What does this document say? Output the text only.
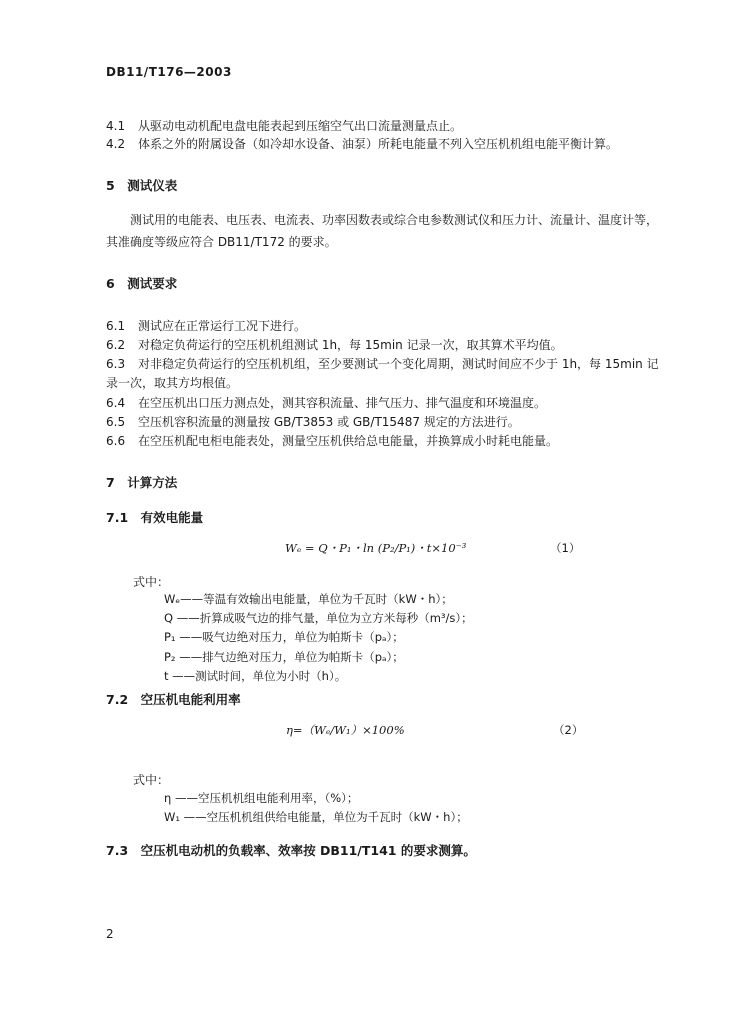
DB11/T176—2003
4.1 从驱动电动机配电盘电能表起到压缩空气出口流量测量点止。
4.2 体系之外的附属设备（如冷却水设备、油泵）所耗电能量不列入空压机机组电能平衡计算。
5　测试仪表
测试用的电能表、电压表、电流表、功率因数表或综合电参数测试仪和压力计、流量计、温度计等，
其准确度等级应符合 DB11/T172 的要求。
6　测试要求
6.1 测试应在正常运行工况下进行。
6.2 对稳定负荷运行的空压机机组测试 1h，每 15min 记录一次，取其算术平均值。
6.3 对非稳定负荷运行的空压机机组，至少要测试一个变化周期，测试时间应不少于 1h，每 15min 记
录一次，取其方均根值。
6.4 在空压机出口压力测点处，测其容积流量、排气压力、排气温度和环境温度。
6.5 空压机容积流量的测量按 GB/T3853 或 GB/T15487 规定的方法进行。
6.6 在空压机配电柜电能表处，测量空压机供给总电能量，并换算成小时耗电能量。
7　计算方法
7.1　有效电能量
Wₑ = Q・P₁・ln (P₂/P₁)・t×10⁻³	（1）
式中：
Wₑ——等温有效输出电能量，单位为千瓦时（kW・h）；
Q ——折算成吸气边的排气量，单位为立方米每秒（m³/s）；
P₁ ——吸气边绝对压力，单位为帕斯卡（pₐ）；
P₂ ——排气边绝对压力，单位为帕斯卡（pₐ）；
t ——测试时间，单位为小时（h）。
7.2　空压机电能利用率
η=（Wₑ/W₁）×100%	（2）
式中：
η ——空压机机组电能利用率，（%）；
W₁ ——空压机机组供给电能量，单位为千瓦时（kW・h）；
7.3　空压机电动机的负载率、效率按 DB11/T141 的要求测算。
2
